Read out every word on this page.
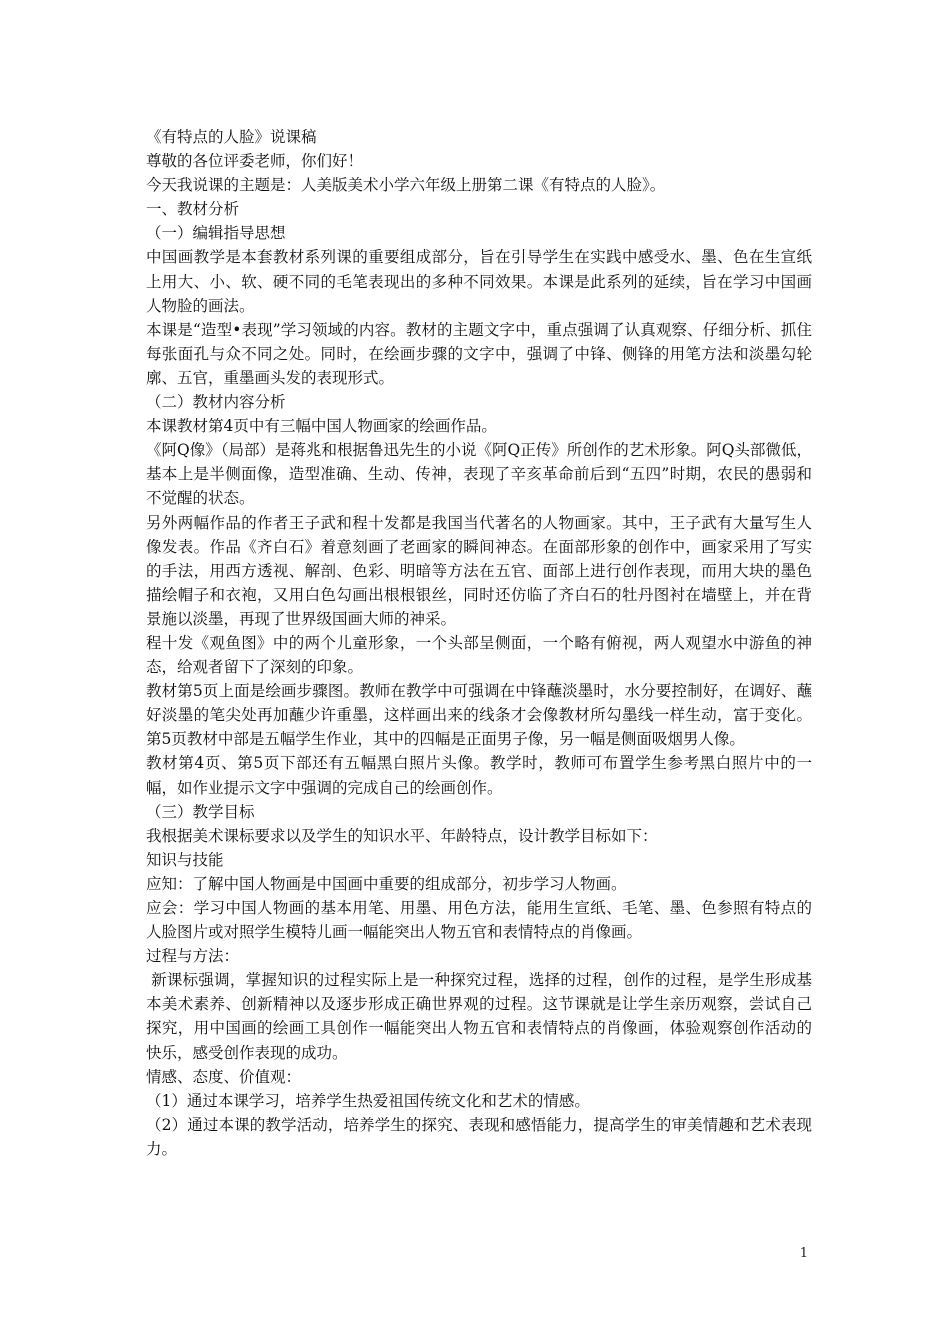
《有特点的人脸》说课稿

尊敬的各位评委老师，你们好！

今天我说课的主题是：人美版美术小学六年级上册第二课《有特点的人脸》。

一、教材分析

（一）编辑指导思想

中国画教学是本套教材系列课的重要组成部分，旨在引导学生在实践中感受水、墨、色在生宣纸上用大、小、软、硬不同的毛笔表现出的多种不同效果。本课是此系列的延续，旨在学习中国画人物脸的画法。

本课是“造型•表现”学习领域的内容。教材的主题文字中，重点强调了认真观察、仔细分析、抓住每张面孔与众不同之处。同时，在绘画步骤的文字中，强调了中锋、侧锋的用笔方法和淡墨勾轮廓、五官，重墨画头发的表现形式。

（二）教材内容分析

本课教材第4页中有三幅中国人物画家的绘画作品。

《阿Q像》（局部）是蒋兆和根据鲁迅先生的小说《阿Q正传》所创作的艺术形象。阿Q头部微低，基本上是半侧面像，造型准确、生动、传神，表现了辛亥革命前后到“五四”时期，农民的愚弱和不觉醒的状态。

另外两幅作品的作者王子武和程十发都是我国当代著名的人物画家。其中，王子武有大量写生人像发表。作品《齐白石》着意刻画了老画家的瞬间神态。在面部形象的创作中，画家采用了写实的手法，用西方透视、解剖、色彩、明暗等方法在五官、面部上进行创作表现，而用大块的墨色描绘帽子和衣袍，又用白色勾画出根根银丝，同时还仿临了齐白石的牡丹图衬在墙壁上，并在背景施以淡墨，再现了世界级国画大师的神采。

程十发《观鱼图》中的两个儿童形象，一个头部呈侧面，一个略有俯视，两人观望水中游鱼的神态，给观者留下了深刻的印象。

教材第5页上面是绘画步骤图。教师在教学中可强调在中锋蘸淡墨时，水分要控制好，在调好、蘸好淡墨的笔尖处再加蘸少许重墨，这样画出来的线条才会像教材所勾墨线一样生动，富于变化。第5页教材中部是五幅学生作业，其中的四幅是正面男子像，另一幅是侧面吸烟男人像。

教材第4页、第5页下部还有五幅黑白照片头像。教学时，教师可布置学生参考黑白照片中的一幅，如作业提示文字中强调的完成自己的绘画创作。

（三）教学目标

我根据美术课标要求以及学生的知识水平、年龄特点，设计教学目标如下：

知识与技能

应知：了解中国人物画是中国画中重要的组成部分，初步学习人物画。

应会：学习中国人物画的基本用笔、用墨、用色方法，能用生宣纸、毛笔、墨、色参照有特点的人脸图片或对照学生模特儿画一幅能突出人物五官和表情特点的肖像画。

过程与方法：

新课标强调，掌握知识的过程实际上是一种探究过程，选择的过程，创作的过程，是学生形成基本美术素养、创新精神以及逐步形成正确世界观的过程。这节课就是让学生亲历观察，尝试自己探究，用中国画的绘画工具创作一幅能突出人物五官和表情特点的肖像画，体验观察创作活动的快乐，感受创作表现的成功。

情感、态度、价值观：

（1）通过本课学习，培养学生热爱祖国传统文化和艺术的情感。

（2）通过本课的教学活动，培养学生的探究、表现和感悟能力，提高学生的审美情趣和艺术表现力。

1
